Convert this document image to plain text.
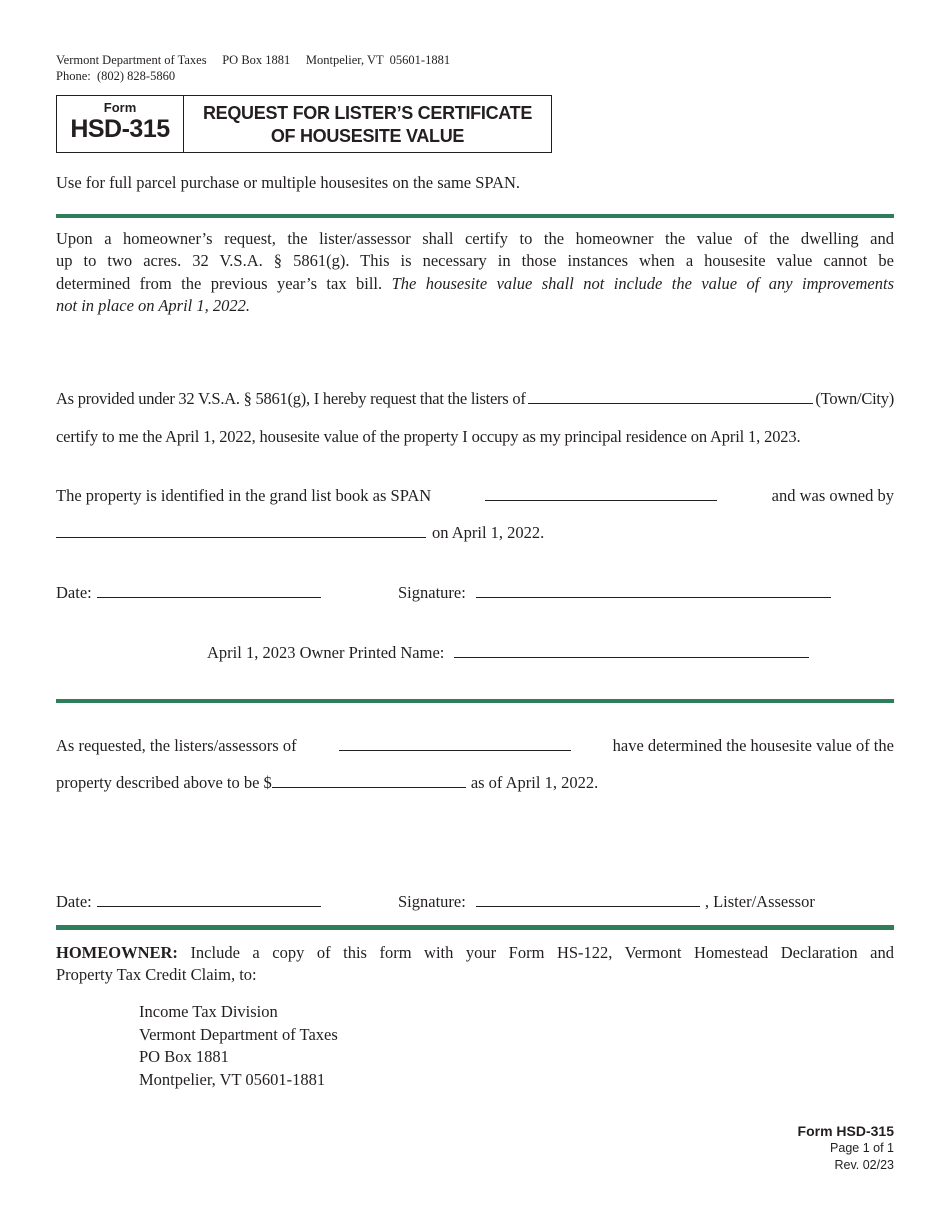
Vermont Department of Taxes PO Box 1881 Montpelier, VT  05601-1881
Phone:  (802) 828-5860
Form
HSD-315
REQUEST FOR LISTER’S CERTIFICATE
OF HOUSESITE VALUE
Use for full parcel purchase or multiple housesites on the same SPAN.
Upon a homeowner’s request, the lister/assessor shall certify to the homeowner the value of the dwelling and
up to two acres. 32 V.S.A. § 5861(g). This is necessary in those instances when a housesite value cannot be
determined from the previous year’s tax bill. The housesite value shall not include the value of any improvements
not in place on April 1, 2022.
As provided under 32 V.S.A. § 5861(g), I hereby request that the listers of	(Town/City)
certify to me the April 1, 2022, housesite value of the property I occupy as my principal residence on April 1, 2023.
The property is identified in the grand list book as SPAN	and was owned by
on April 1, 2022.
Date:	Signature:
April 1, 2023 Owner Printed Name:
As requested, the listers/assessors of	have determined the housesite value of the
property described above to be $	as of April 1, 2022.
Date:	Signature:	, Lister/Assessor
HOMEOWNER: Include a copy of this form with your Form HS-122, Vermont Homestead Declaration and
Property Tax Credit Claim, to:
Income Tax Division
Vermont Department of Taxes
PO Box 1881
Montpelier, VT 05601-1881
Form HSD-315
Page 1 of 1
Rev. 02/23
